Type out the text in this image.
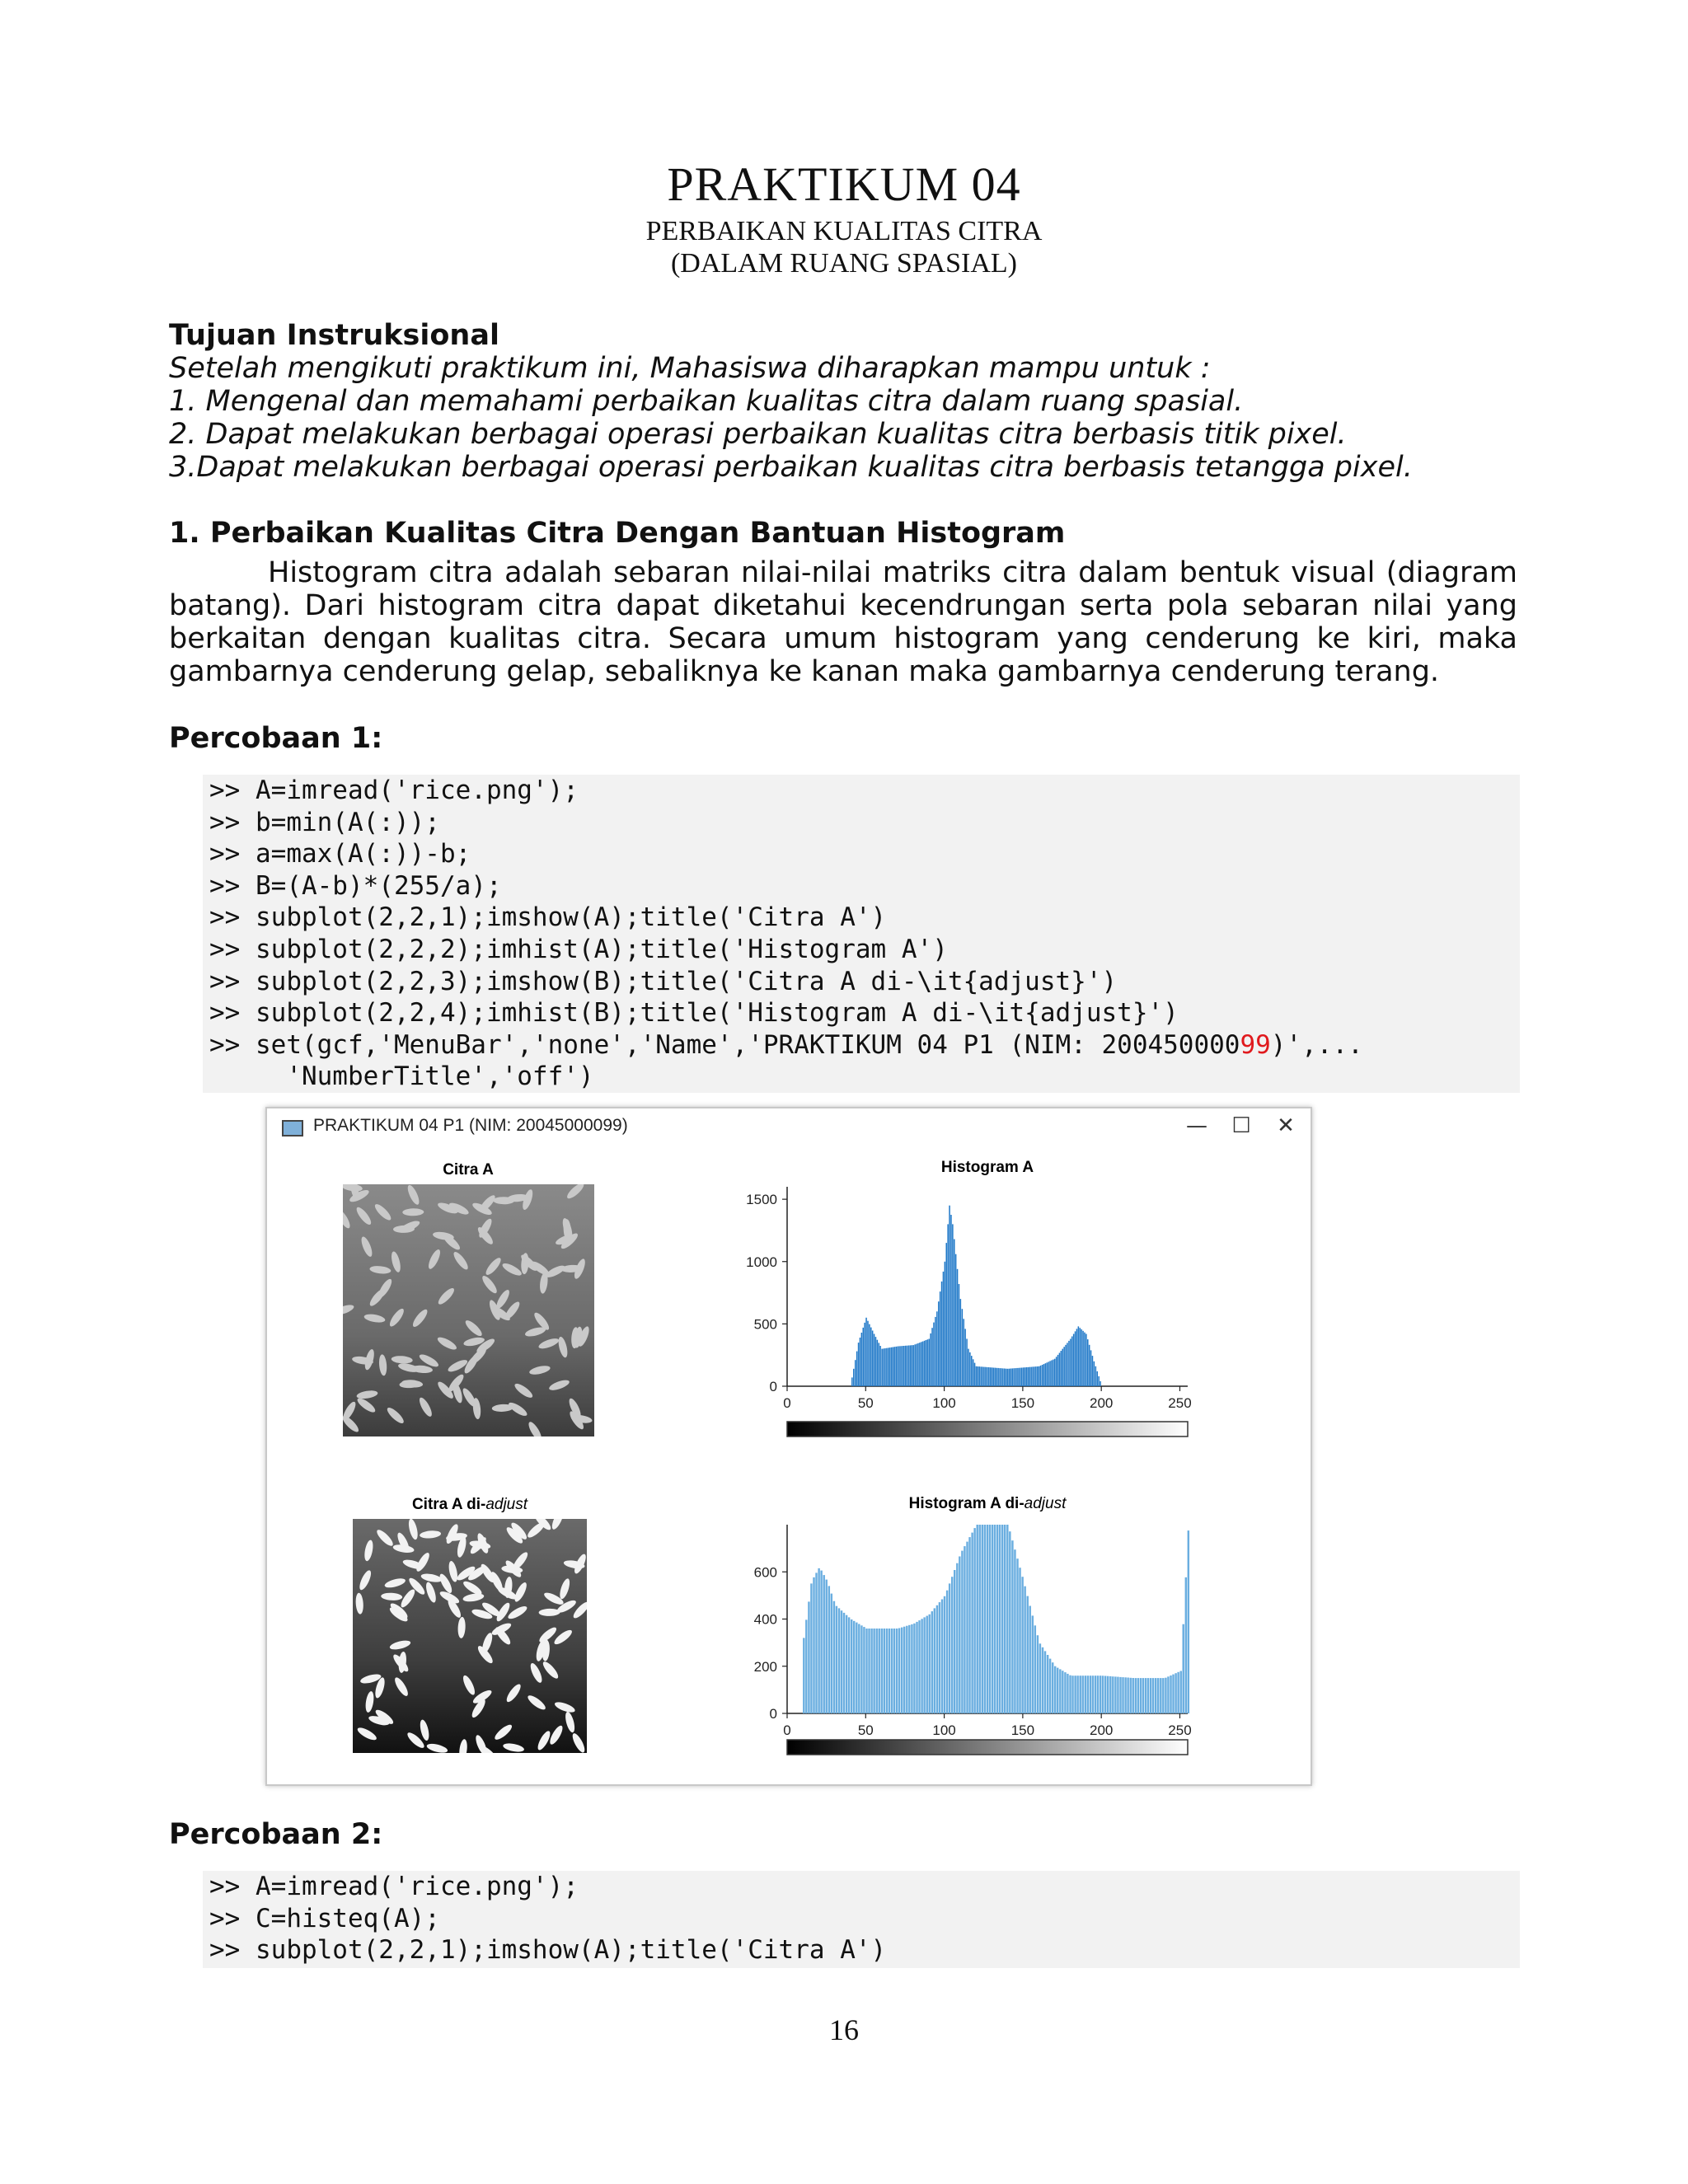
PRAKTIKUM 04
PERBAIKAN KUALITAS CITRA
(DALAM RUANG SPASIAL)
Tujuan Instruksional
Setelah mengikuti praktikum ini, Mahasiswa diharapkan mampu untuk :
1. Mengenal dan memahami perbaikan kualitas citra dalam ruang spasial.
2. Dapat melakukan berbagai operasi perbaikan kualitas citra berbasis titik pixel.
3.Dapat melakukan berbagai operasi perbaikan kualitas citra berbasis tetangga pixel.
1. Perbaikan Kualitas Citra Dengan Bantuan Histogram
Histogram citra adalah sebaran nilai-nilai matriks citra dalam bentuk visual (diagram
batang). Dari histogram citra dapat diketahui kecendrungan serta pola sebaran nilai yang
berkaitan dengan kualitas citra. Secara umum histogram yang cenderung ke kiri, maka
gambarnya cenderung gelap, sebaliknya ke kanan maka gambarnya cenderung terang.
Percobaan 1:
>> A=imread('rice.png');
>> b=min(A(:));
>> a=max(A(:))-b;
>> B=(A-b)*(255/a);
>> subplot(2,2,1);imshow(A);title('Citra A')
>> subplot(2,2,2);imhist(A);title('Histogram A')
>> subplot(2,2,3);imshow(B);title('Citra A di-\it{adjust}')
>> subplot(2,2,4);imhist(B);title('Histogram A di-\it{adjust}')
>> set(gcf,'MenuBar','none','Name','PRAKTIKUM 04 P1 (NIM: 20045000099)',...
'NumberTitle','off')
PRAKTIKUM 04 P1 (NIM: 20045000099)	—	☐	✕
Citra A
Citra A di-adjust
Histogram A
0	50	100	150	200	250
0
500
1000
1500
Histogram A di-adjust
0	50	100	150	200	250
0
200
400
600
Percobaan 2:
>> A=imread('rice.png');
>> C=histeq(A);
>> subplot(2,2,1);imshow(A);title('Citra A')
16
